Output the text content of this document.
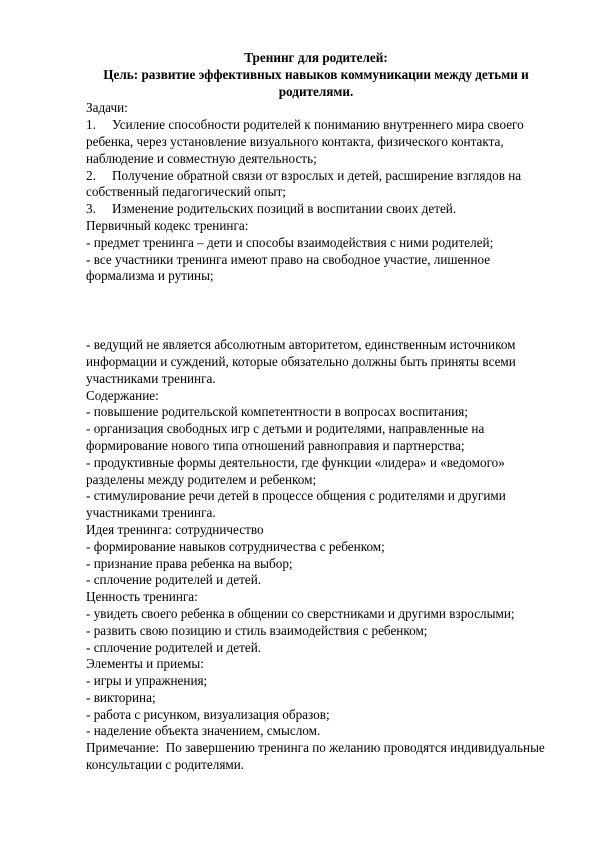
Тренинг для родителей:

Цель: развитие эффективных навыков коммуникации между детьми и родителями.

Задачи:

1. Усиление способности родителей к пониманию внутреннего мира своего ребенка, через установление визуального контакта, физического контакта, наблюдение и совместную деятельность;

2. Получение обратной связи от взрослых и детей, расширение взглядов на собственный педагогический опыт;

3. Изменение родительских позиций в воспитании своих детей.

Первичный кодекс тренинга:

- предмет тренинга – дети и способы взаимодействия с ними родителей;

- все участники тренинга имеют право на свободное участие, лишенное формализма и рутины;

- ведущий не является абсолютным авторитетом, единственным источником информации и суждений, которые обязательно должны быть приняты всеми участниками тренинга.

Содержание:

- повышение родительской компетентности в вопросах воспитания;

- организация свободных игр с детьми и родителями, направленные на формирование нового типа отношений равноправия и партнерства;

- продуктивные формы деятельности, где функции «лидера» и «ведомого» разделены между родителем и ребенком;

- стимулирование речи детей в процессе общения с родителями и другими участниками тренинга.

Идея тренинга: сотрудничество

- формирование навыков сотрудничества с ребенком;

- признание права ребенка на выбор;

- сплочение родителей и детей.

Ценность тренинга:

- увидеть своего ребенка в общении со сверстниками и другими взрослыми;

- развить свою позицию и стиль взаимодействия с ребенком;

- сплочение родителей и детей.

Элементы и приемы:

- игры и упражнения;

- викторина;

- работа с рисунком, визуализация образов;

- наделение объекта значением, смыслом.

Примечание: По завершению тренинга по желанию проводятся индивидуальные консультации с родителями.
